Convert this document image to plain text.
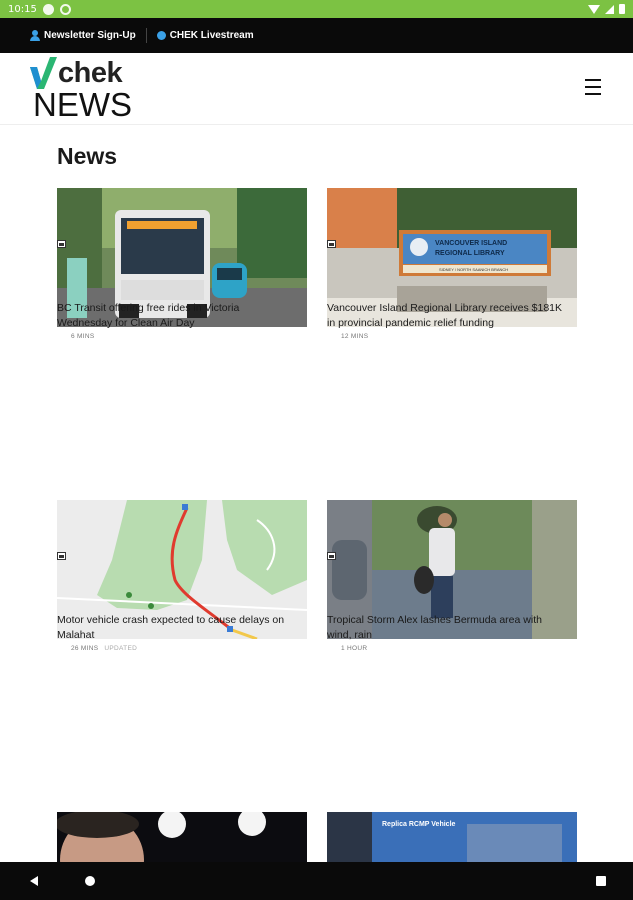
10:15
Newsletter Sign-Up	CHEK Livestream
chek
NEWS
News
6 MINS

BC Transit offering free rides in Victoria Wednesday for Clean Air Day

VANCOUVER ISLAND
REGIONAL LIBRARY
SIDNEY / NORTH SAANICH BRANCH
12 MINS

Vancouver Island Regional Library receives $181K in provincial pandemic relief funding

26 MINS UPDATED

Motor vehicle crash expected to cause delays on Malahat

1 HOUR

Tropical Storm Alex lashes Bermuda area with wind, rain

Replica RCMP Vehicle
